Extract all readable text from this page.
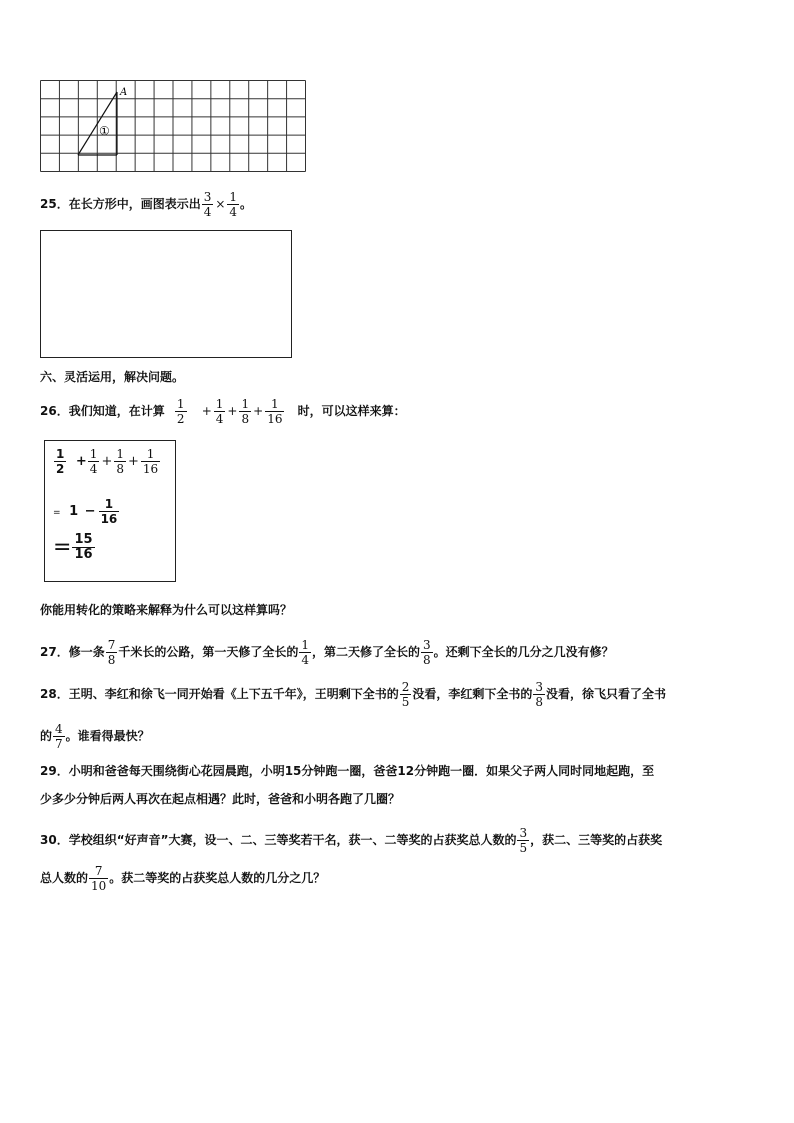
A
①
25．在长方形中，画图表示出 $\frac{3}{4} \times \frac{1}{4}$ 。
六、灵活运用，解决问题。
26．我们知道，在计算 $\frac{1}{2} + \frac{1}{4} + \frac{1}{8} + \frac{1}{16}$ 时，可以这样来算：
$\frac{1}{2} + \frac{1}{4} + \frac{1}{8} + \frac{1}{16}$
= $1 - \frac{1}{16}$
= $\frac{15}{16}$
你能用转化的策略来解释为什么可以这样算吗？
27．修一条 $\frac{7}{8}$ 千米长的公路，第一天修了全长的 $\frac{1}{4}$ ，第二天修了全长的 $\frac{3}{8}$ 。还剩下全长的几分之几没有修？
28．王明、李红和徐飞一同开始看《上下五千年》，王明剩下全书的 $\frac{2}{5}$ 没看，李红剩下全书的 $\frac{3}{8}$ 没看，徐飞只看了全书
的 $\frac{4}{7}$ 。谁看得最快？
29．小明和爸爸每天围绕街心花园晨跑，小明15分钟跑一圈，爸爸12分钟跑一圈．如果父子两人同时同地起跑，至
少多少分钟后两人再次在起点相遇？此时，爸爸和小明各跑了几圈？
30．学校组织“好声音”大赛，设一、二、三等奖若干名，获一、二等奖的占获奖总人数的 $\frac{3}{5}$ ，获二、三等奖的占获奖
总人数的 $\frac{7}{10}$ 。获二等奖的占获奖总人数的几分之几？
